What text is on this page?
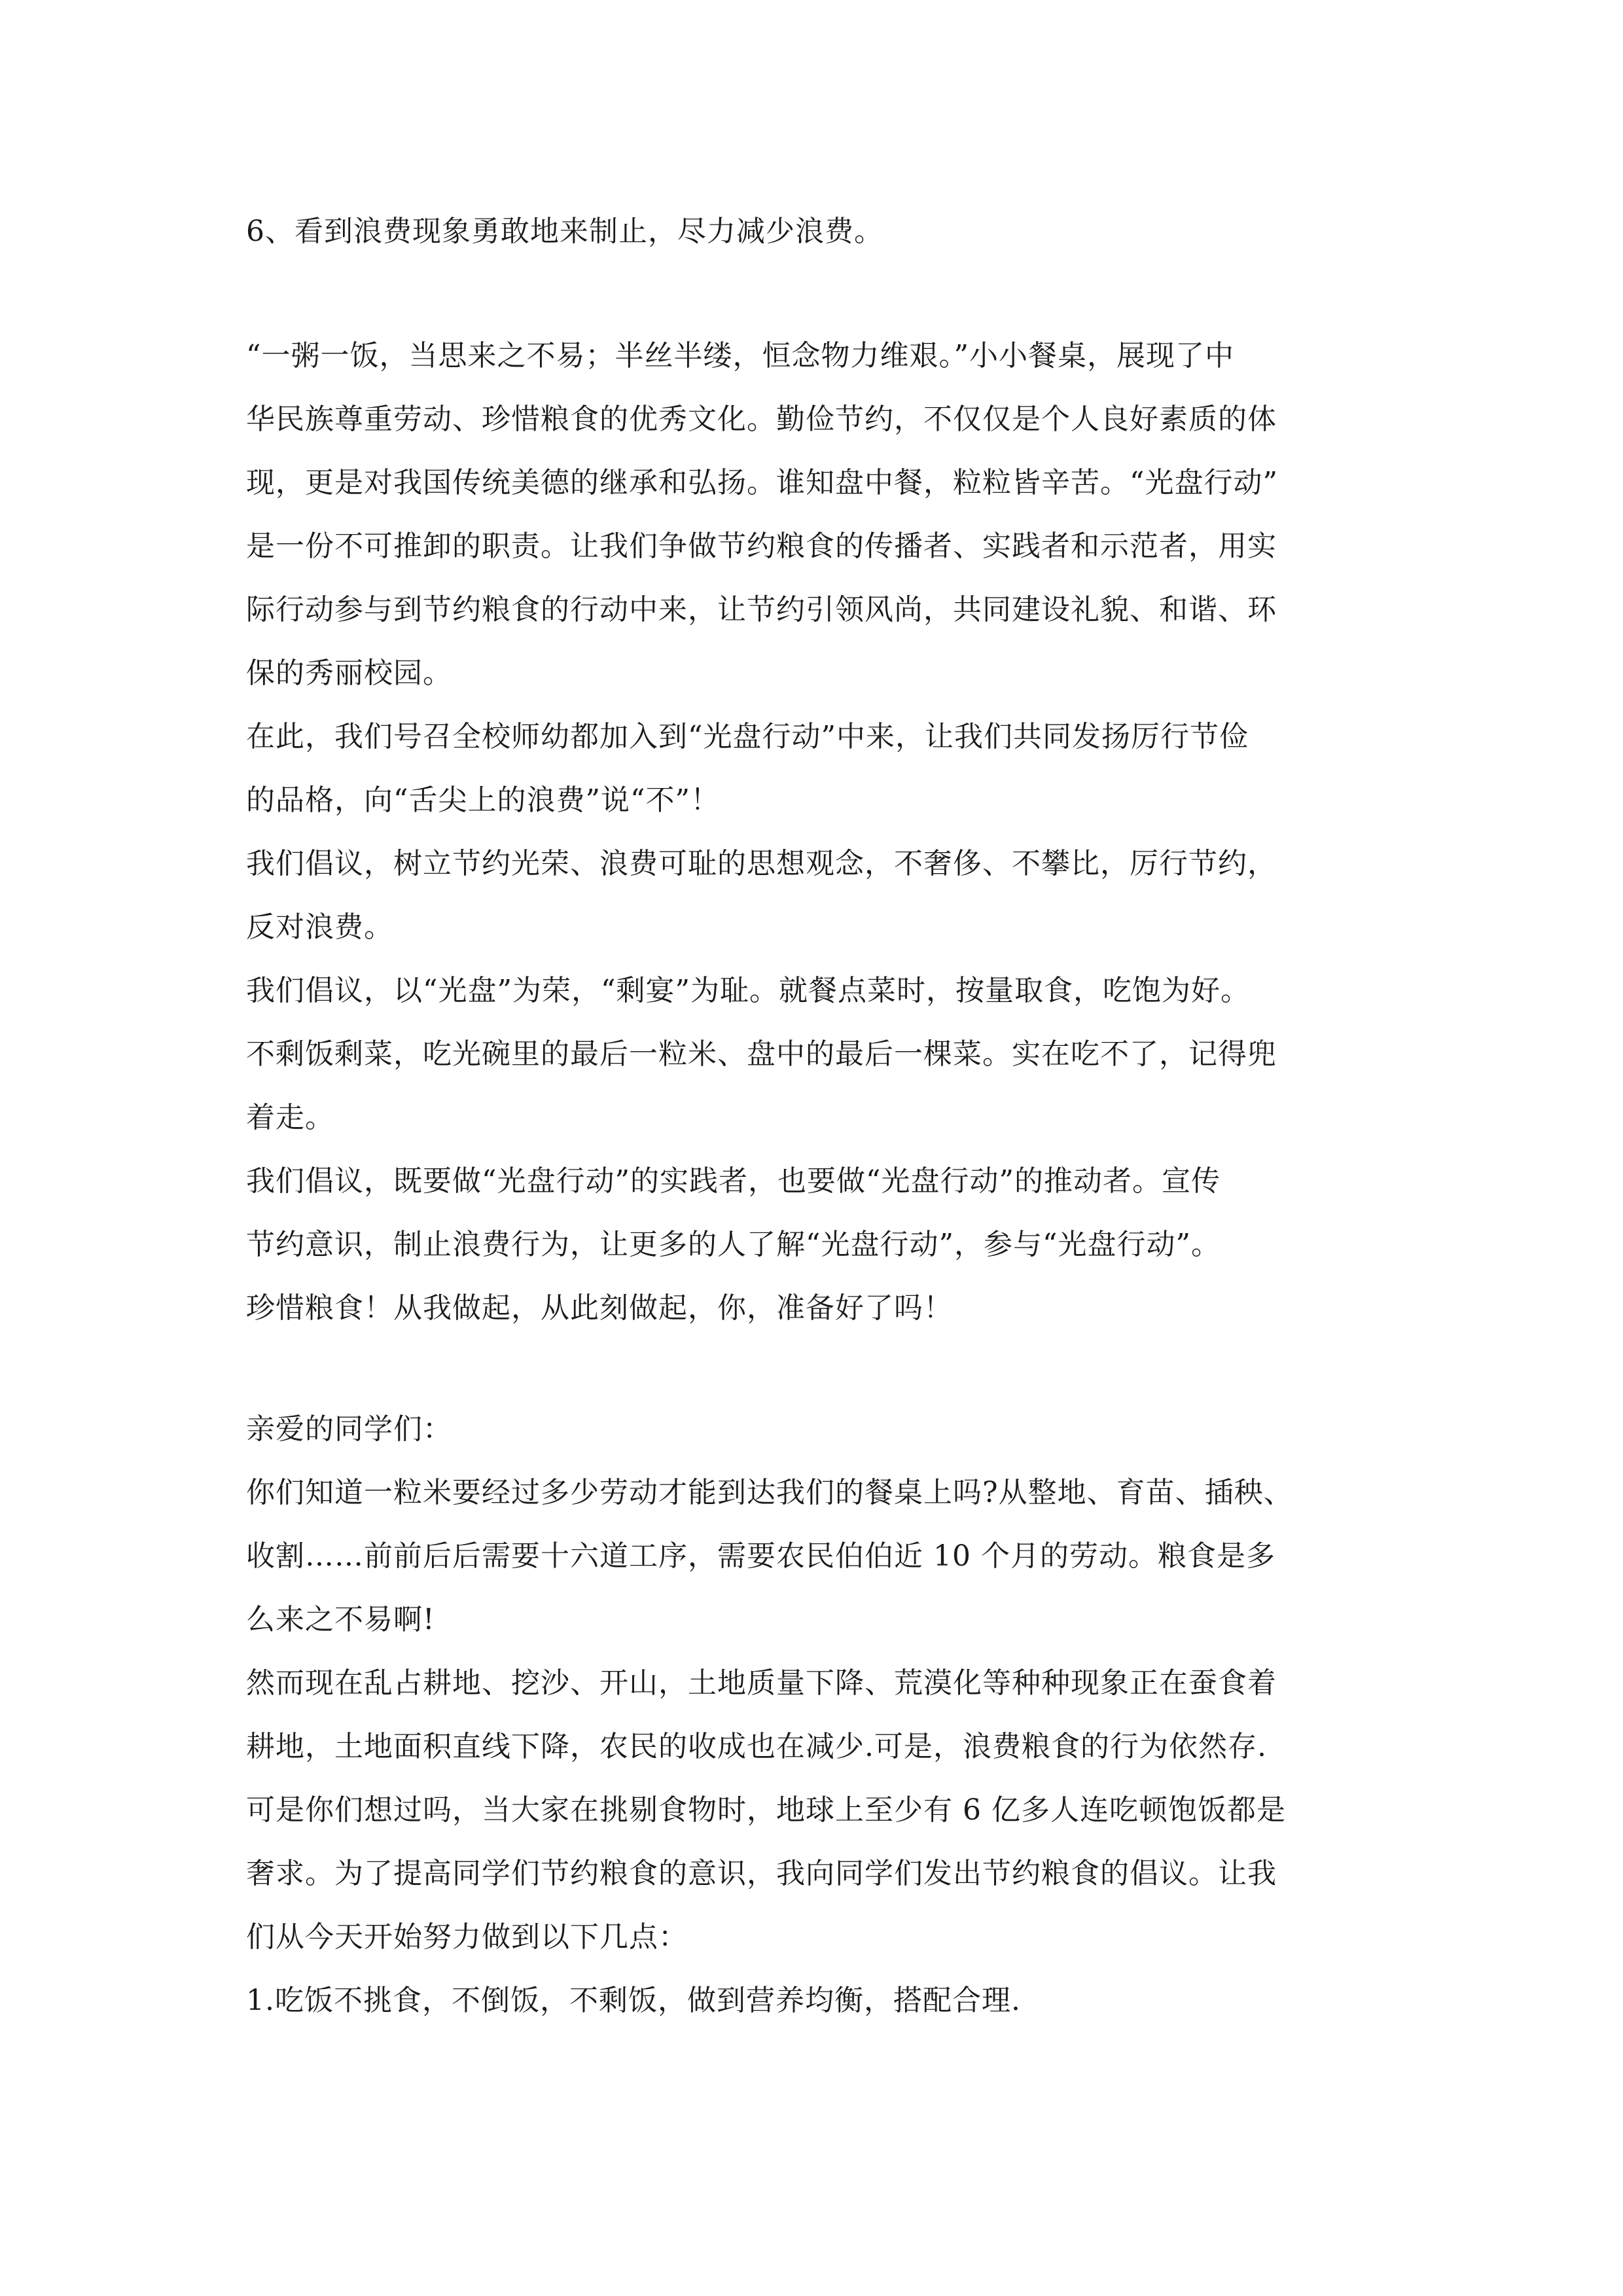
6、看到浪费现象勇敢地来制止，尽力减少浪费。

“一粥一饭，当思来之不易；半丝半缕，恒念物力维艰。”小小餐桌，展现了中

华民族尊重劳动、珍惜粮食的优秀文化。勤俭节约，不仅仅是个人良好素质的体

现，更是对我国传统美德的继承和弘扬。谁知盘中餐，粒粒皆辛苦。“光盘行动”

是一份不可推卸的职责。让我们争做节约粮食的传播者、实践者和示范者，用实

际行动参与到节约粮食的行动中来，让节约引领风尚，共同建设礼貌、和谐、环

保的秀丽校园。

在此，我们号召全校师幼都加入到“光盘行动”中来，让我们共同发扬厉行节俭

的品格，向“舌尖上的浪费”说“不”！

我们倡议，树立节约光荣、浪费可耻的思想观念，不奢侈、不攀比，厉行节约，

反对浪费。

我们倡议，以“光盘”为荣，“剩宴”为耻。就餐点菜时，按量取食，吃饱为好。

不剩饭剩菜，吃光碗里的最后一粒米、盘中的最后一棵菜。实在吃不了，记得兜

着走。

我们倡议，既要做“光盘行动”的实践者，也要做“光盘行动”的推动者。宣传

节约意识，制止浪费行为，让更多的人了解“光盘行动”，参与“光盘行动”。

珍惜粮食！从我做起，从此刻做起，你，准备好了吗！

亲爱的同学们：

你们知道一粒米要经过多少劳动才能到达我们的餐桌上吗?从整地、育苗、插秧、

收割……前前后后需要十六道工序，需要农民伯伯近 10 个月的劳动。粮食是多

么来之不易啊!

然而现在乱占耕地、挖沙、开山，土地质量下降、荒漠化等种种现象正在蚕食着

耕地，土地面积直线下降，农民的收成也在减少.可是，浪费粮食的行为依然存.

可是你们想过吗，当大家在挑剔食物时，地球上至少有 6 亿多人连吃顿饱饭都是

奢求。为了提高同学们节约粮食的意识，我向同学们发出节约粮食的倡议。让我

们从今天开始努力做到以下几点：

1.吃饭不挑食，不倒饭，不剩饭，做到营养均衡，搭配合理.
